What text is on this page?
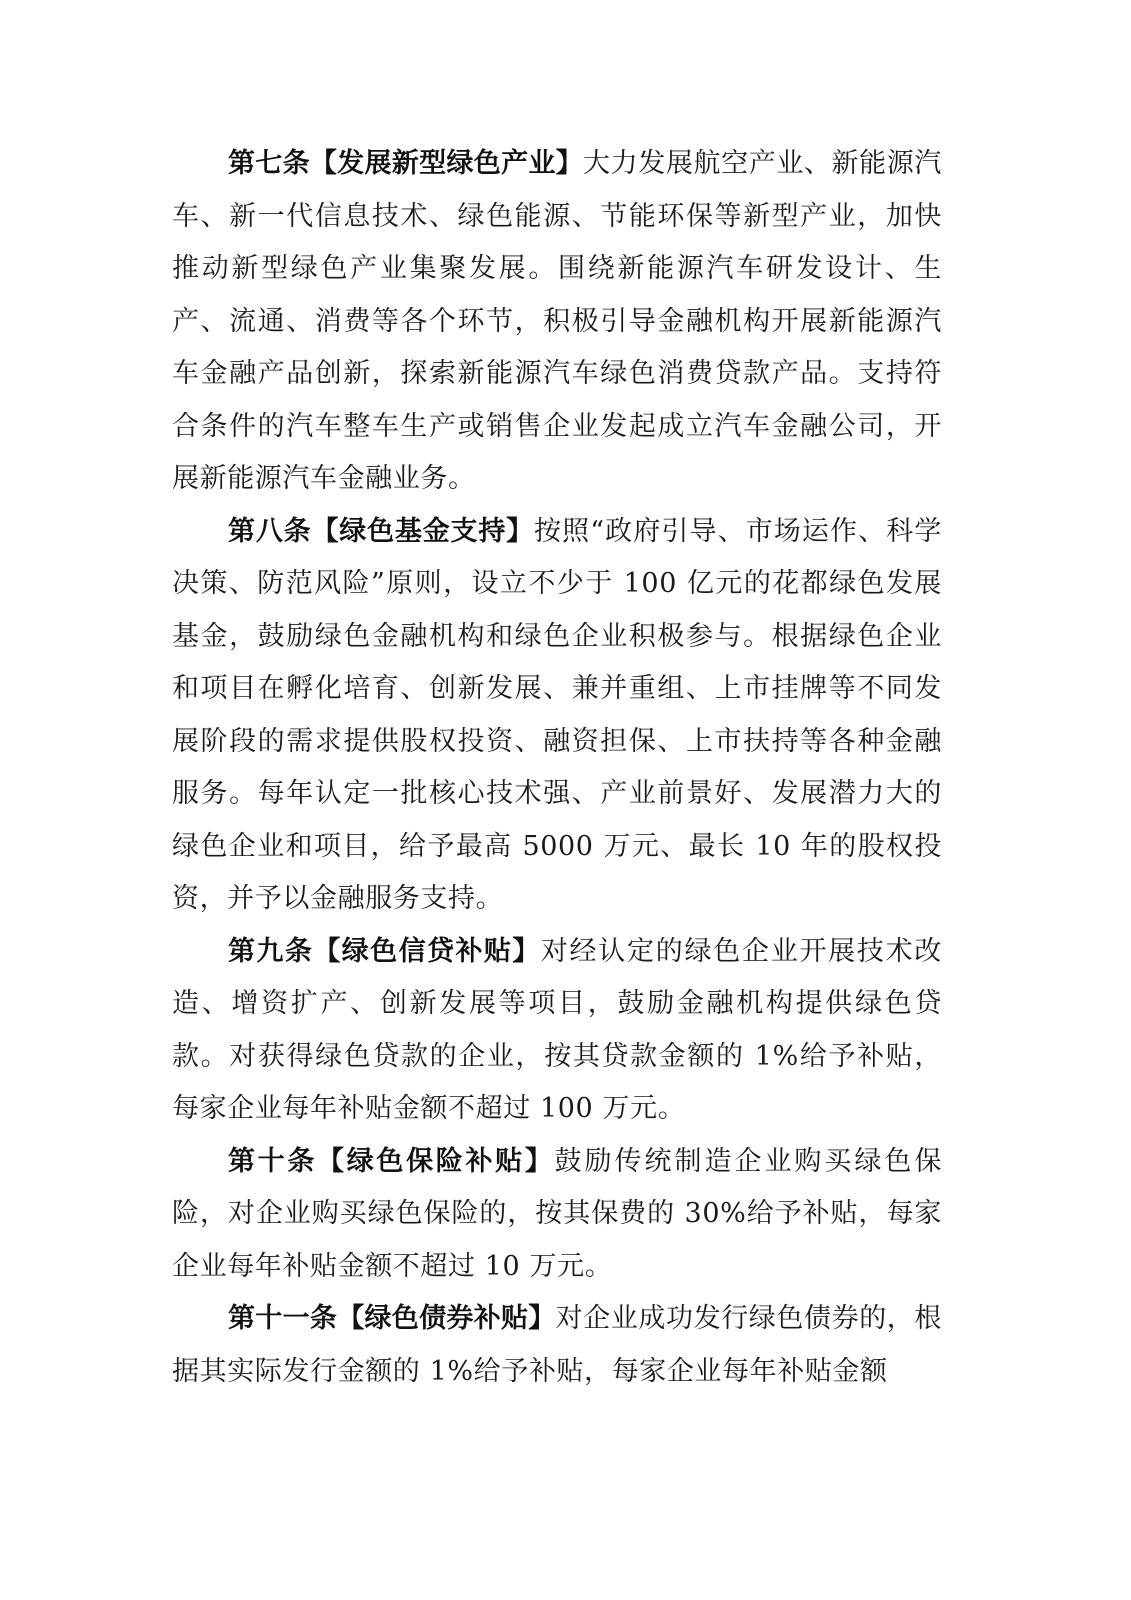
第七条【发展新型绿色产业】大力发展航空产业、新能源汽车、新一代信息技术、绿色能源、节能环保等新型产业，加快推动新型绿色产业集聚发展。围绕新能源汽车研发设计、生产、流通、消费等各个环节，积极引导金融机构开展新能源汽车金融产品创新，探索新能源汽车绿色消费贷款产品。支持符合条件的汽车整车生产或销售企业发起成立汽车金融公司，开展新能源汽车金融业务。

第八条【绿色基金支持】按照“政府引导、市场运作、科学决策、防范风险”原则，设立不少于 100 亿元的花都绿色发展基金，鼓励绿色金融机构和绿色企业积极参与。根据绿色企业和项目在孵化培育、创新发展、兼并重组、上市挂牌等不同发展阶段的需求提供股权投资、融资担保、上市扶持等各种金融服务。每年认定一批核心技术强、产业前景好、发展潜力大的绿色企业和项目，给予最高 5000 万元、最长 10 年的股权投资，并予以金融服务支持。

第九条【绿色信贷补贴】对经认定的绿色企业开展技术改造、增资扩产、创新发展等项目，鼓励金融机构提供绿色贷款。对获得绿色贷款的企业，按其贷款金额的 1%给予补贴，每家企业每年补贴金额不超过 100 万元。

第十条【绿色保险补贴】鼓励传统制造企业购买绿色保险，对企业购买绿色保险的，按其保费的 30%给予补贴，每家企业每年补贴金额不超过 10 万元。

第十一条【绿色债券补贴】对企业成功发行绿色债券的，根据其实际发行金额的 1%给予补贴，每家企业每年补贴金额
